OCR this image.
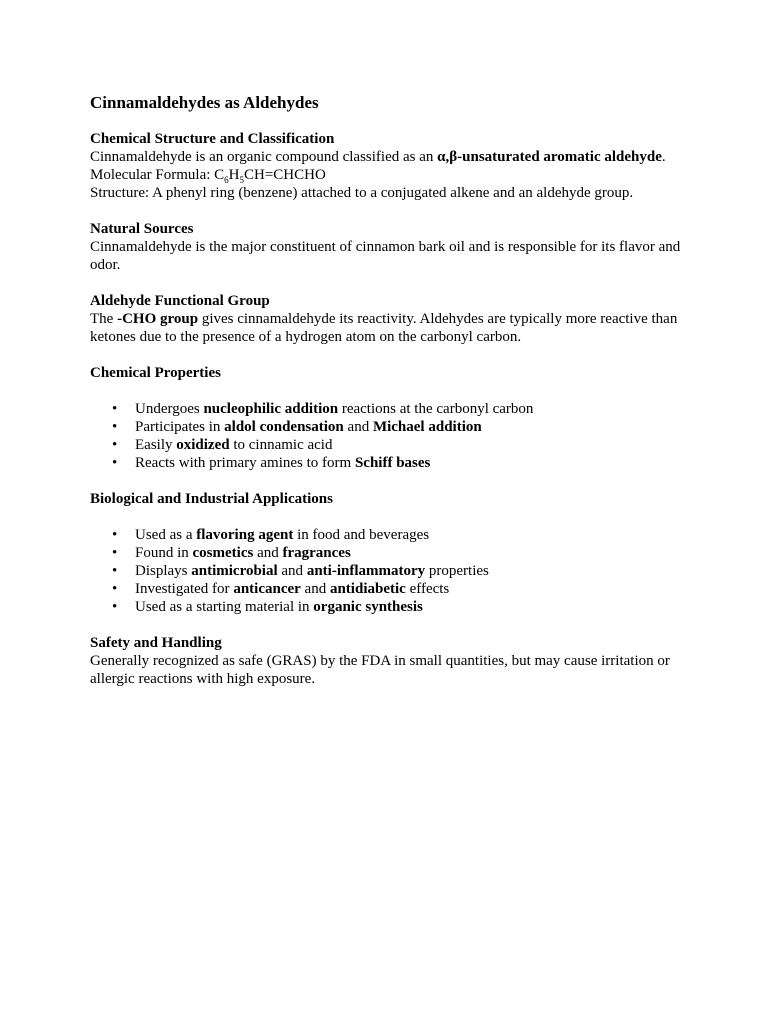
Cinnamaldehydes as Aldehydes

Chemical Structure and Classification

Cinnamaldehyde is an organic compound classified as an α,β-unsaturated aromatic aldehyde.

Molecular Formula: $C_6H_5CH=CHCHO$

Structure: A phenyl ring (benzene) attached to a conjugated alkene and an aldehyde group.

Natural Sources

Cinnamaldehyde is the major constituent of cinnamon bark oil and is responsible for its flavor and odor.

Aldehyde Functional Group

The -CHO group gives cinnamaldehyde its reactivity. Aldehydes are typically more reactive than ketones due to the presence of a hydrogen atom on the carbonyl carbon.

Chemical Properties

• Undergoes nucleophilic addition reactions at the carbonyl carbon
• Participates in aldol condensation and Michael addition
• Easily oxidized to cinnamic acid
• Reacts with primary amines to form Schiff bases

Biological and Industrial Applications

• Used as a flavoring agent in food and beverages
• Found in cosmetics and fragrances
• Displays antimicrobial and anti-inflammatory properties
• Investigated for anticancer and antidiabetic effects
• Used as a starting material in organic synthesis

Safety and Handling

Generally recognized as safe (GRAS) by the FDA in small quantities, but may cause irritation or allergic reactions with high exposure.
